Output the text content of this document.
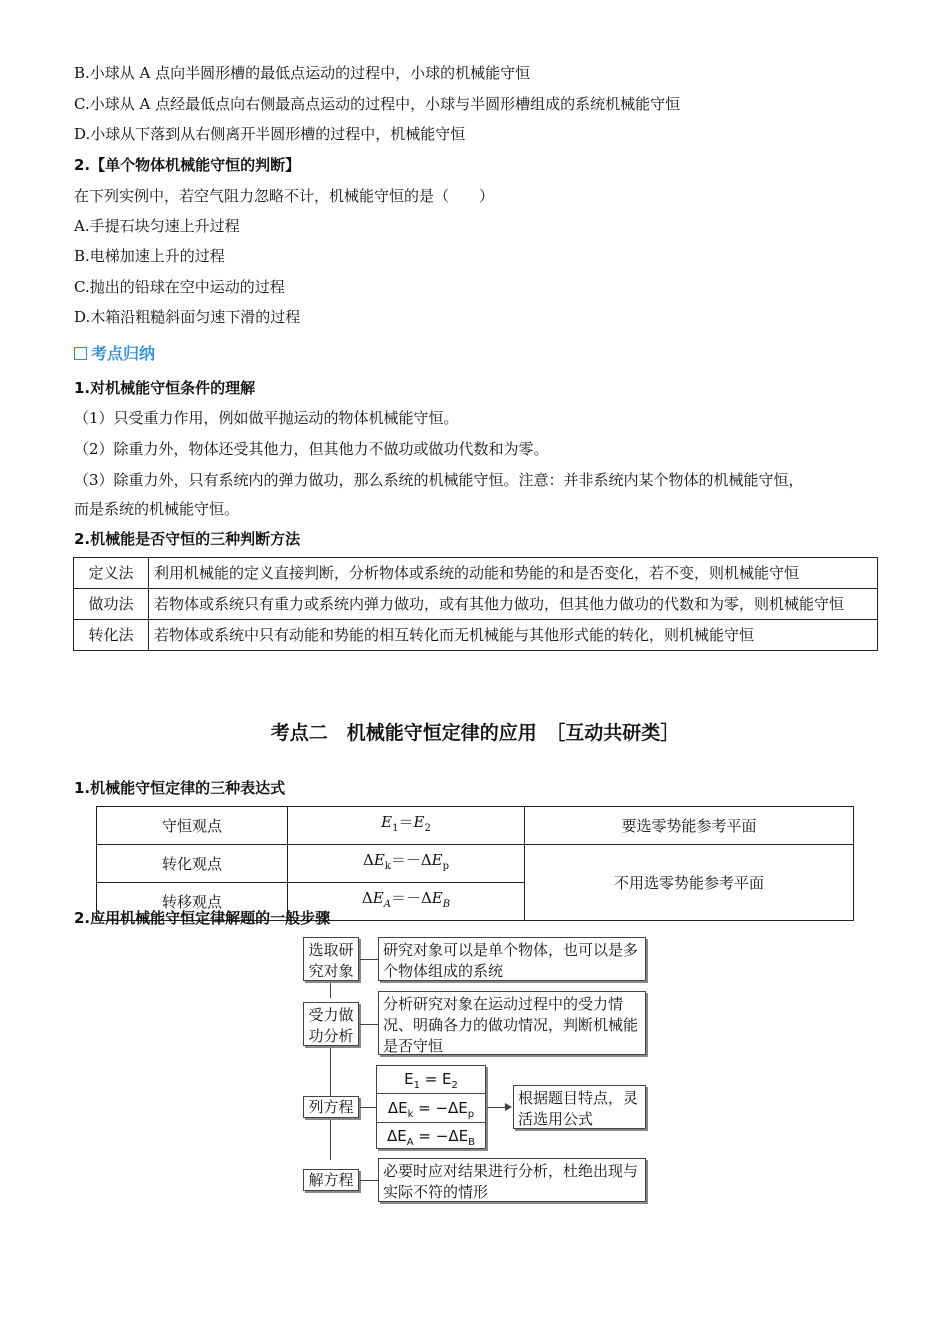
B.小球从 A 点向半圆形槽的最低点运动的过程中，小球的机械能守恒
C.小球从 A 点经最低点向右侧最高点运动的过程中，小球与半圆形槽组成的系统机械能守恒
D.小球从下落到从右侧离开半圆形槽的过程中，机械能守恒
2.【单个物体机械能守恒的判断】
在下列实例中，若空气阻力忽略不计，机械能守恒的是（　　）
A.手提石块匀速上升过程
B.电梯加速上升的过程
C.抛出的铅球在空中运动的过程
D.木箱沿粗糙斜面匀速下滑的过程
考点归纳
1.对机械能守恒条件的理解
（1）只受重力作用，例如做平抛运动的物体机械能守恒。
（2）除重力外，物体还受其他力，但其他力不做功或做功代数和为零。
（3）除重力外，只有系统内的弹力做功，那么系统的机械能守恒。注意：并非系统内某个物体的机械能守恒，
而是系统的机械能守恒。
2.机械能是否守恒的三种判断方法
定义法	利用机械能的定义直接判断，分析物体或系统的动能和势能的和是否变化，若不变，则机械能守恒
做功法	若物体或系统只有重力或系统内弹力做功，或有其他力做功，但其他力做功的代数和为零，则机械能守恒
转化法	若物体或系统中只有动能和势能的相互转化而无机械能与其他形式能的转化，则机械能守恒
考点二　机械能守恒定律的应用　［互动共研类］
1.机械能守恒定律的三种表达式
守恒观点	$E_1=E_2$	要选零势能参考平面
转化观点	$\Delta E_k=-\Delta E_p$	不用选零势能参考平面
转移观点	$\Delta E_A=-\Delta E_B$
2.应用机械能守恒定律解题的一般步骤
选取研究对象
研究对象可以是单个物体，也可以是多个物体组成的系统
受力做功分析
分析研究对象在运动过程中的受力情况、明确各力的做功情况，判断机械能是否守恒
列方程
$E_1 = E_2$
$\Delta E_k = -\Delta E_p$
$\Delta E_A = -\Delta E_B$
根据题目特点，灵活选用公式
解方程	必要时应对结果进行分析，杜绝出现与实际不符的情形
